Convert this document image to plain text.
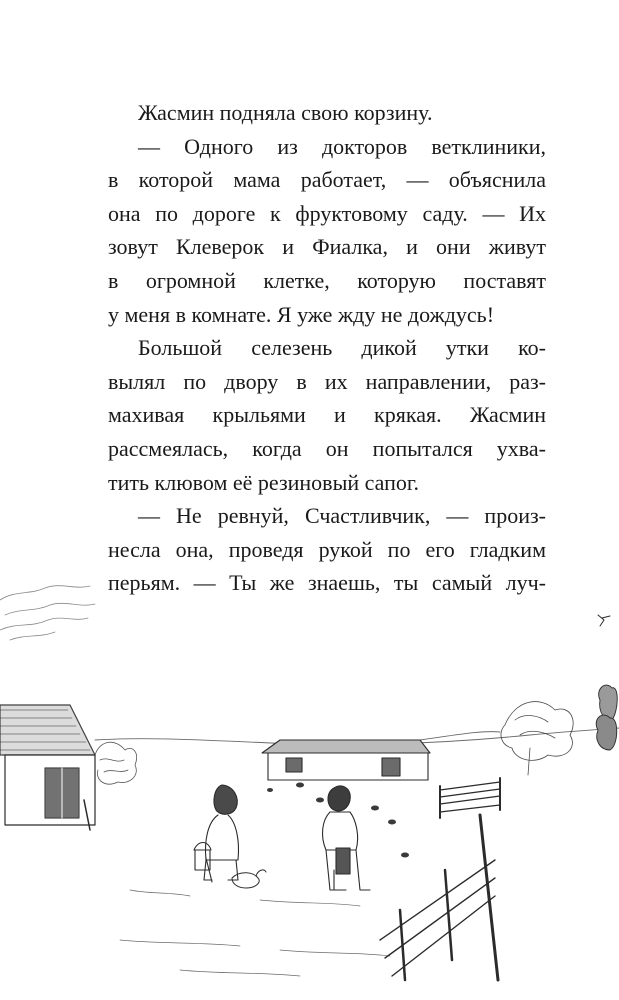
Жасмин подняла свою корзину.
— Одного из докторов ветклиники,
в которой мама работает, — объяснила
она по дороге к фруктовому саду. — Их
зовут Клеверок и Фиалка, и они живут
в огромной клетке, которую поставят
у меня в комнате. Я уже жду не дождусь!
Большой селезень дикой утки ко-
вылял по двору в их направлении, раз-
махивая крыльями и крякая. Жасмин
рассмеялась, когда он попытался ухва-
тить клювом её резиновый сапог.
— Не ревнуй, Счастливчик, — произ-
несла она, проведя рукой по его гладким
перьям. — Ты же знаешь, ты самый луч-
